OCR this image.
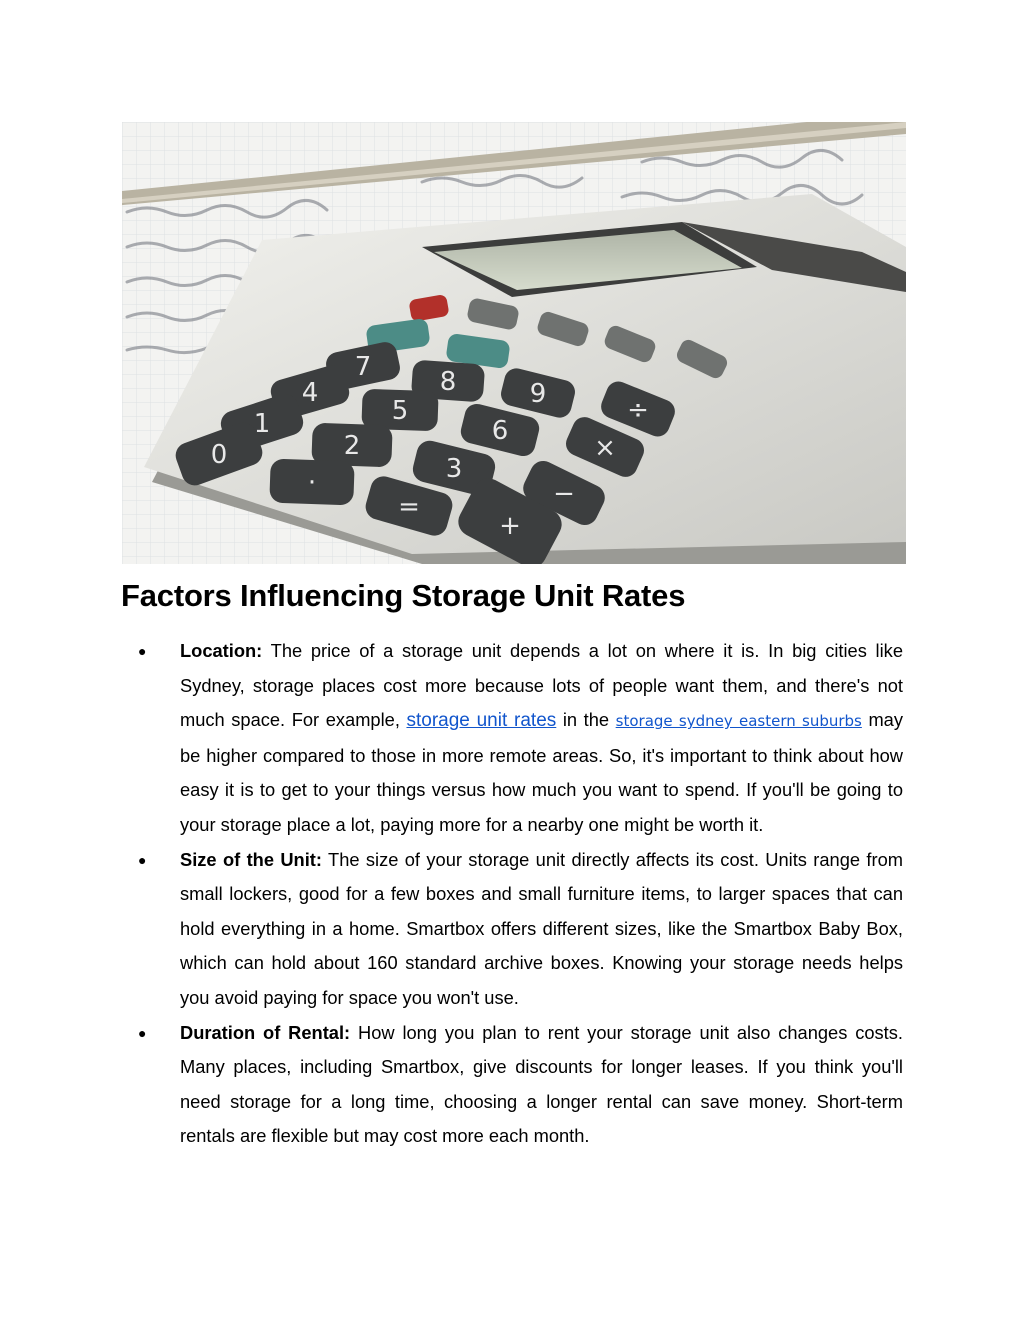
7	8	9
÷
4
5
6
×
1
2
3
−
0
·
=
+
Factors Influencing Storage Unit Rates
● Location: The price of a storage unit depends a lot on where it is. In big cities like Sydney, storage places cost more because lots of people want them, and there's not much space. For example, storage unit rates in the storage sydney eastern suburbs may be higher compared to those in more remote areas. So, it's important to think about how easy it is to get to your things versus how much you want to spend. If you'll be going to your storage place a lot, paying more for a nearby one might be worth it.
● Size of the Unit: The size of your storage unit directly affects its cost. Units range from small lockers, good for a few boxes and small furniture items, to larger spaces that can hold everything in a home. Smartbox offers different sizes, like the Smartbox Baby Box, which can hold about 160 standard archive boxes. Knowing your storage needs helps you avoid paying for space you won't use.
● Duration of Rental: How long you plan to rent your storage unit also changes costs. Many places, including Smartbox, give discounts for longer leases. If you think you'll need storage for a long time, choosing a longer rental can save money. Short-term rentals are flexible but may cost more each month.
